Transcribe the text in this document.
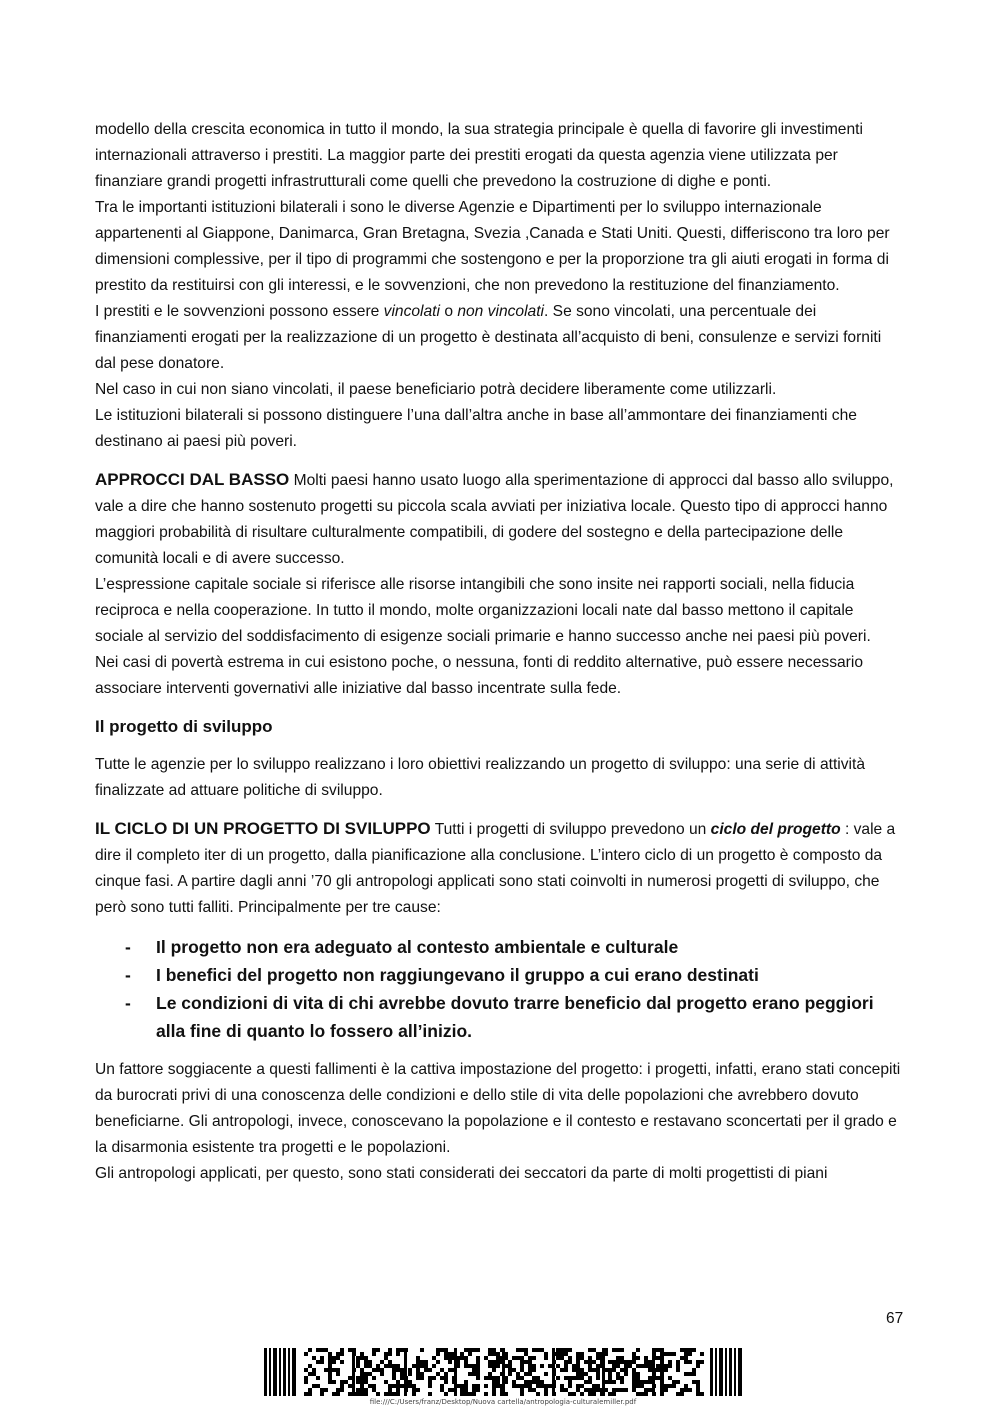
modello della crescita economica in tutto il mondo, la sua strategia principale è quella di favorire gli investimenti internazionali attraverso i prestiti. La maggior parte dei prestiti erogati da questa agenzia viene utilizzata per finanziare grandi progetti infrastrutturali come quelli che prevedono la costruzione di dighe e ponti.

Tra le importanti istituzioni bilaterali i sono le diverse Agenzie e Dipartimenti per lo sviluppo internazionale appartenenti al Giappone, Danimarca, Gran Bretagna, Svezia ,Canada e Stati Uniti. Questi, differiscono tra loro per dimensioni complessive, per il tipo di programmi che sostengono e per la proporzione tra gli aiuti erogati in forma di prestito da restituirsi con gli interessi, e le sovvenzioni, che non prevedono la restituzione del finanziamento.

I prestiti e le sovvenzioni possono essere vincolati o non vincolati. Se sono vincolati, una percentuale dei finanziamenti erogati per la realizzazione di un progetto è destinata all’acquisto di beni, consulenze e servizi forniti dal pese donatore.

Nel caso in cui non siano vincolati, il paese beneficiario potrà decidere liberamente come utilizzarli.

Le istituzioni bilaterali si possono distinguere l’una dall’altra anche in base all’ammontare dei finanziamenti che destinano ai paesi più poveri.

APPROCCI DAL BASSO Molti paesi hanno usato luogo alla sperimentazione di approcci dal basso allo sviluppo, vale a dire che hanno sostenuto progetti su piccola scala avviati per iniziativa locale. Questo tipo di approcci hanno maggiori probabilità di risultare culturalmente compatibili, di godere del sostegno e della partecipazione delle comunità locali e di avere successo.

L’espressione capitale sociale si riferisce alle risorse intangibili che sono insite nei rapporti sociali, nella fiducia reciproca e nella cooperazione. In tutto il mondo, molte organizzazioni locali nate dal basso mettono il capitale sociale al servizio del soddisfacimento di esigenze sociali primarie e hanno successo anche nei paesi più poveri.

Nei casi di povertà estrema in cui esistono poche, o nessuna, fonti di reddito alternative, può essere necessario associare interventi governativi alle iniziative dal basso incentrate sulla fede.

Il progetto di sviluppo

Tutte le agenzie per lo sviluppo realizzano i loro obiettivi realizzando un progetto di sviluppo: una serie di attività finalizzate ad attuare politiche di sviluppo.

IL CICLO DI UN PROGETTO DI SVILUPPO Tutti i progetti di sviluppo prevedono un ciclo del progetto : vale a dire il completo iter di un progetto, dalla pianificazione alla conclusione. L’intero ciclo di un progetto è composto da cinque fasi. A partire dagli anni ’70 gli antropologi applicati sono stati coinvolti in numerosi progetti di sviluppo, che però sono tutti falliti. Principalmente per tre cause:

- Il progetto non era adeguato al contesto ambientale e culturale
- I benefici del progetto non raggiungevano il gruppo a cui erano destinati
- Le condizioni di vita di chi avrebbe dovuto trarre beneficio dal progetto erano peggiori alla fine di quanto lo fossero all’inizio.

Un fattore soggiacente a questi fallimenti è la cattiva impostazione del progetto: i progetti, infatti, erano stati concepiti da burocrati privi di una conoscenza delle condizioni e dello stile di vita delle popolazioni che avrebbero dovuto beneficiarne. Gli antropologi, invece, conoscevano la popolazione e il contesto e restavano sconcertati per il grado e la disarmonia esistente tra progetti e le popolazioni.

Gli antropologi applicati, per questo, sono stati considerati dei seccatori da parte di molti progettisti di piani

67
file:///C:/Users/franz/Desktop/Nuova cartella/antropologia-culturalemiller.pdf
